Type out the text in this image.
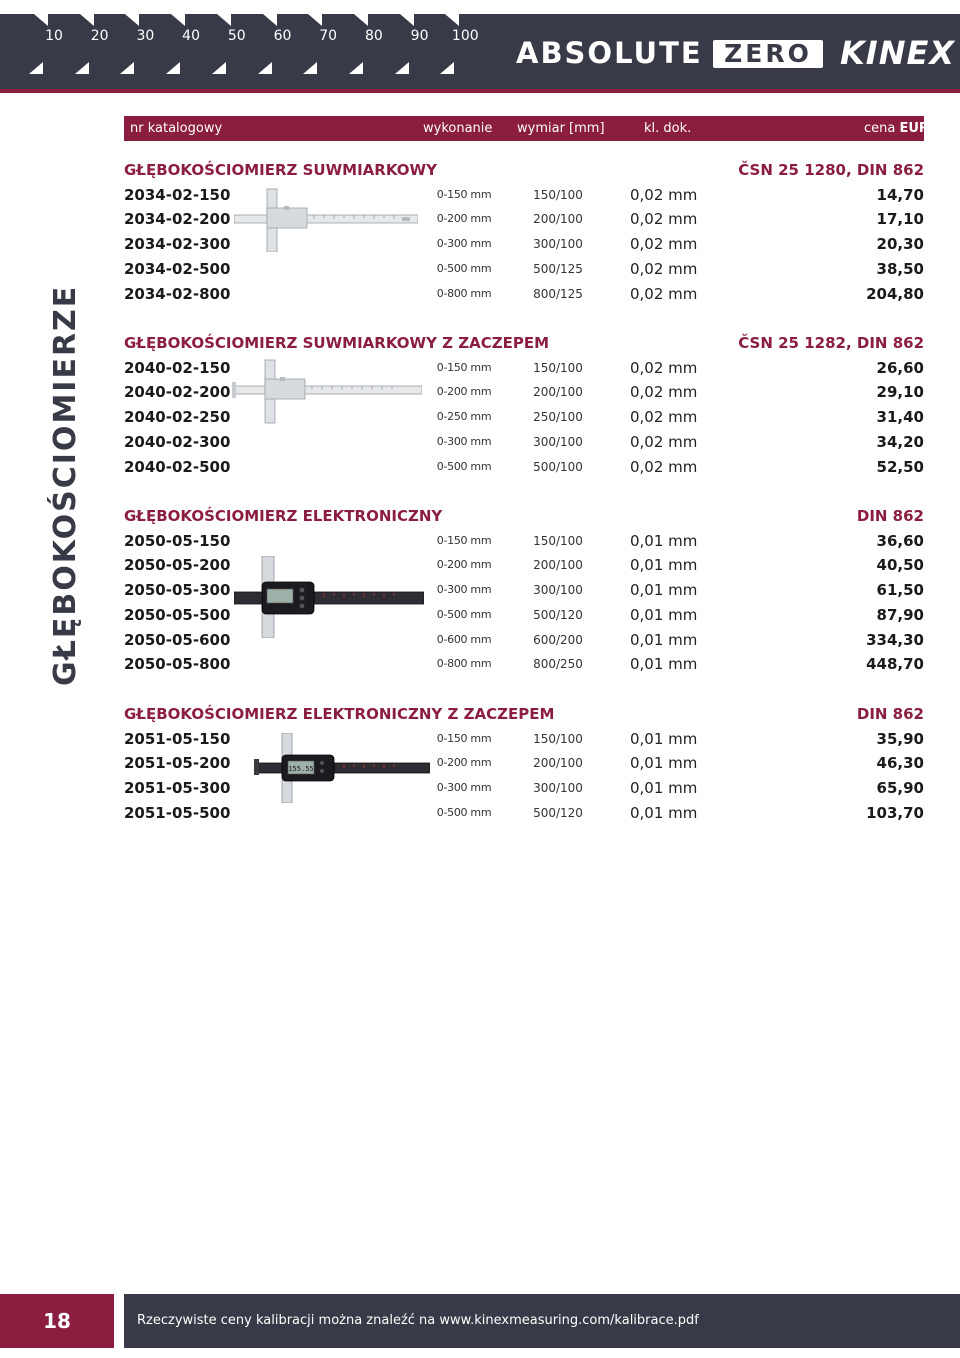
10	20	30	40	50	60	70	80	90	100 ABSOLUTE ZERO KINEX
nr katalogowy	wykonanie wymiar [mm]	kl. dok.	cena EUR
GŁĘBOKOŚCIOMIERZE
GŁĘBOKOŚCIOMIERZ SUWMIARKOWY	ČSN 25 1280, DIN 862
2034-02-150	0-150 mm	150/100	0,02 mm	14,70
2034-02-200	0-200 mm	200/100	0,02 mm	17,10
2034-02-300	0-300 mm	300/100	0,02 mm	20,30
2034-02-500	0-500 mm	500/125	0,02 mm	38,50
2034-02-800	0-800 mm	800/125	0,02 mm	204,80
GŁĘBOKOŚCIOMIERZ SUWMIARKOWY Z ZACZEPEM	ČSN 25 1282, DIN 862
2040-02-150	0-150 mm	150/100	0,02 mm	26,60
2040-02-200	0-200 mm	200/100	0,02 mm	29,10
2040-02-250	0-250 mm	250/100	0,02 mm	31,40
2040-02-300	0-300 mm	300/100	0,02 mm	34,20
2040-02-500	0-500 mm	500/100	0,02 mm	52,50
GŁĘBOKOŚCIOMIERZ ELEKTRONICZNY	DIN 862
2050-05-150	0-150 mm	150/100	0,01 mm	36,60
2050-05-200	0-200 mm	200/100	0,01 mm	40,50
2050-05-300	0-300 mm	300/100	0,01 mm	61,50
2050-05-500	0-500 mm	500/120	0,01 mm	87,90
2050-05-600	0-600 mm	600/200	0,01 mm	334,30
2050-05-800	0-800 mm	800/250	0,01 mm	448,70
GŁĘBOKOŚCIOMIERZ ELEKTRONICZNY Z ZACZEPEM	DIN 862
2051-05-150	0-150 mm	150/100	0,01 mm	35,90
2051-05-200	0-200 mm	200/100	0,01 mm	46,30
2051-05-300	0-300 mm	300/100	0,01 mm	65,90
2051-05-500	0-500 mm	500/120	0,01 mm	103,70
155.55
18	Rzeczywiste ceny kalibracji można znaleźć na www.kinexmeasuring.com/kalibrace.pdf
